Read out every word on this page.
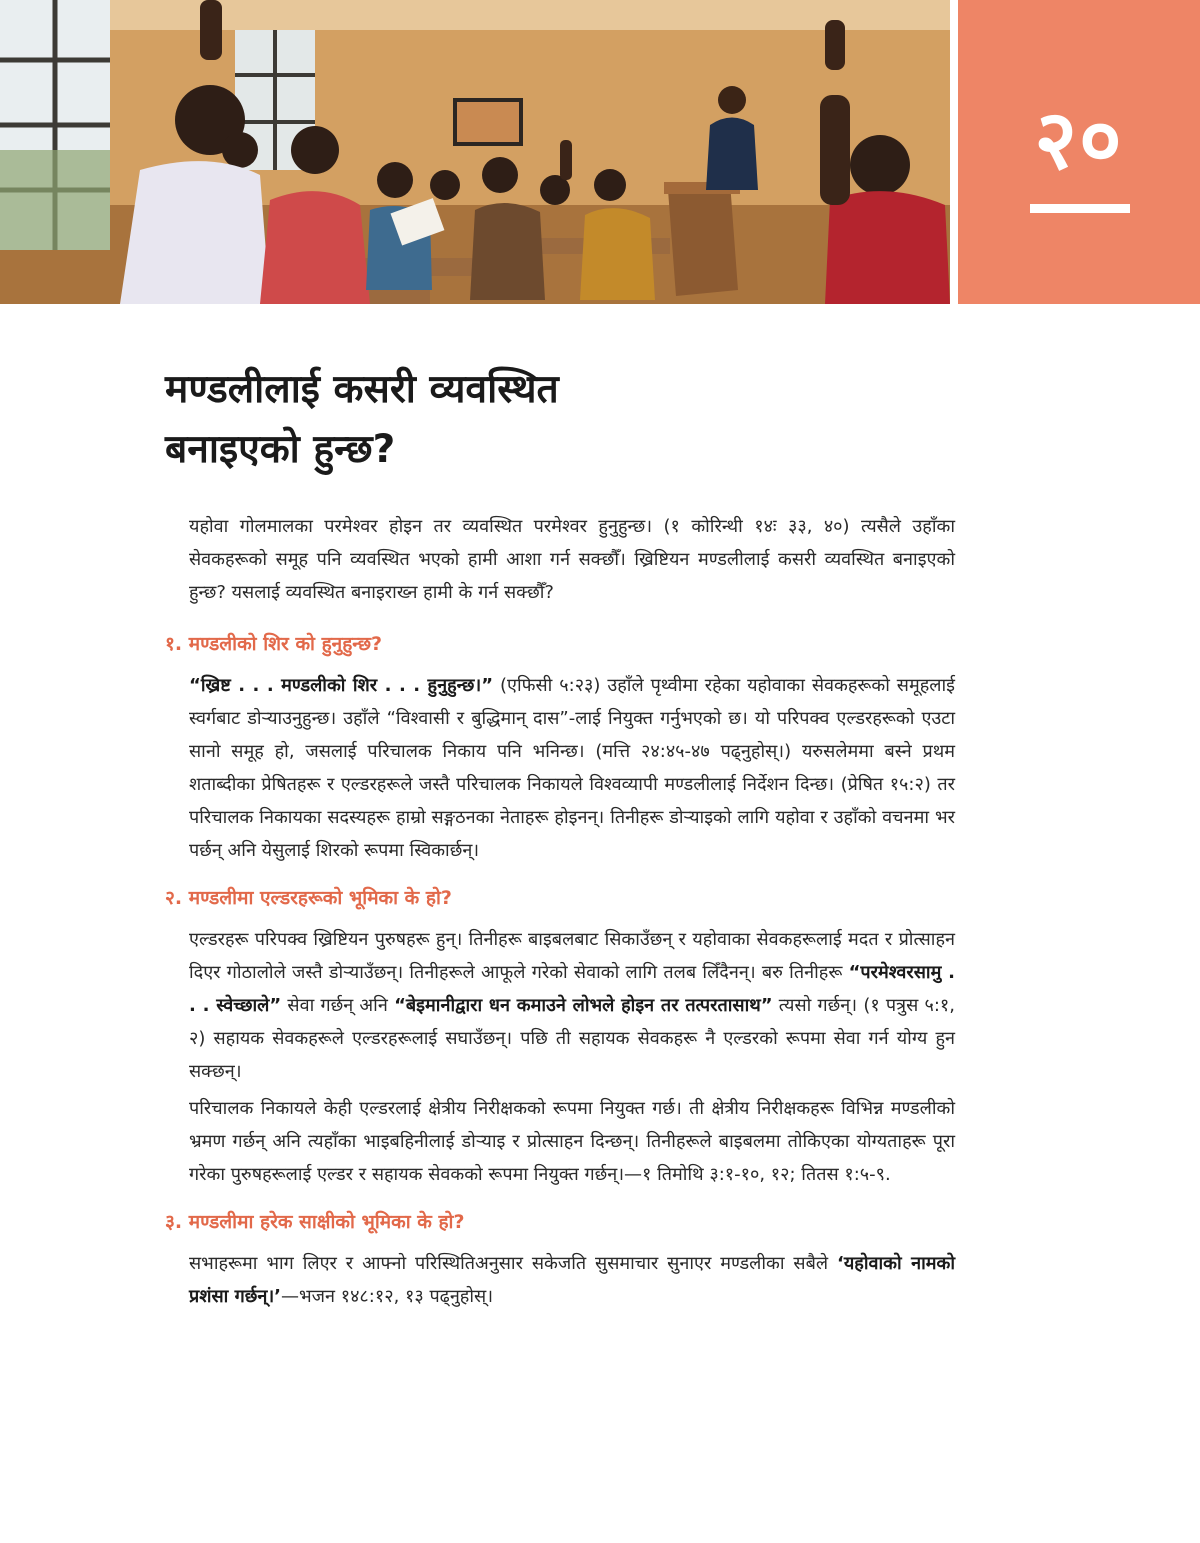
२०
मण्डलीलाई कसरी व्यवस्थित
बनाइएको हुन्छ?

यहोवा गोलमालका परमेश्वर होइन तर व्यवस्थित परमेश्वर हुनुहुन्छ। (१ कोरिन्थी १४ः ३३, ४०) त्यसैले उहाँका सेवकहरूको समूह पनि व्यवस्थित भएको हामी आशा गर्न सक्छौँ। ख्रिष्टियन मण्डलीलाई कसरी व्यवस्थित बनाइएको हुन्छ? यसलाई व्यवस्थित बनाइराख्न हामी के गर्न सक्छौँ?

१. मण्डलीको शिर को हुनुहुन्छ?

“ख्रिष्ट . . . मण्डलीको शिर . . . हुनुहुन्छ।” (एफिसी ५:२३) उहाँले पृथ्वीमा रहेका यहोवाका सेवकहरूको समूहलाई स्वर्गबाट डोऱ्याउनुहुन्छ। उहाँले “विश्वासी र बुद्धिमान् दास”-लाई नियुक्त गर्नुभएको छ। यो परिपक्व एल्डरहरूको एउटा सानो समूह हो, जसलाई परिचालक निकाय पनि भनिन्छ। (मत्ति २४:४५-४७ पढ्नुहोस्।) यरुसलेममा बस्ने प्रथम शताब्दीका प्रेषितहरू र एल्डरहरूले जस्तै परिचालक निकायले विश्वव्यापी मण्डलीलाई निर्देशन दिन्छ। (प्रेषित १५:२) तर परिचालक निकायका सदस्यहरू हाम्रो सङ्गठनका नेताहरू होइनन्। तिनीहरू डोऱ्याइको लागि यहोवा र उहाँको वचनमा भर पर्छन् अनि येसुलाई शिरको रूपमा स्विकार्छन्।

२. मण्डलीमा एल्डरहरूको भूमिका के हो?

एल्डरहरू परिपक्व ख्रिष्टियन पुरुषहरू हुन्। तिनीहरू बाइबलबाट सिकाउँछन् र यहोवाका सेवकहरूलाई मदत र प्रोत्साहन दिएर गोठालोले जस्तै डोऱ्याउँछन्। तिनीहरूले आफूले गरेको सेवाको लागि तलब लिँदैनन्। बरु तिनीहरू “परमेश्वरसामु . . . स्वेच्छाले” सेवा गर्छन् अनि “बेइमानीद्वारा धन कमाउने लोभले होइन तर तत्परतासाथ” त्यसो गर्छन्। (१ पत्रुस ५:१, २) सहायक सेवकहरूले एल्डरहरूलाई सघाउँछन्। पछि ती सहायक सेवकहरू नै एल्डरको रूपमा सेवा गर्न योग्य हुन सक्छन्।

परिचालक निकायले केही एल्डरलाई क्षेत्रीय निरीक्षकको रूपमा नियुक्त गर्छ। ती क्षेत्रीय निरीक्षकहरू विभिन्न मण्डलीको भ्रमण गर्छन् अनि त्यहाँका भाइबहिनीलाई डोऱ्याइ र प्रोत्साहन दिन्छन्। तिनीहरूले बाइबलमा तोकिएका योग्यताहरू पूरा गरेका पुरुषहरूलाई एल्डर र सहायक सेवकको रूपमा नियुक्त गर्छन्।—१ तिमोथि ३:१-१०, १२; तितस १:५-९.

३. मण्डलीमा हरेक साक्षीको भूमिका के हो?

सभाहरूमा भाग लिएर र आफ्नो परिस्थितिअनुसार सकेजति सुसमाचार सुनाएर मण्डलीका सबैले ‘यहोवाको नामको प्रशंसा गर्छन्।’—भजन १४८:१२, १३ पढ्नुहोस्।
